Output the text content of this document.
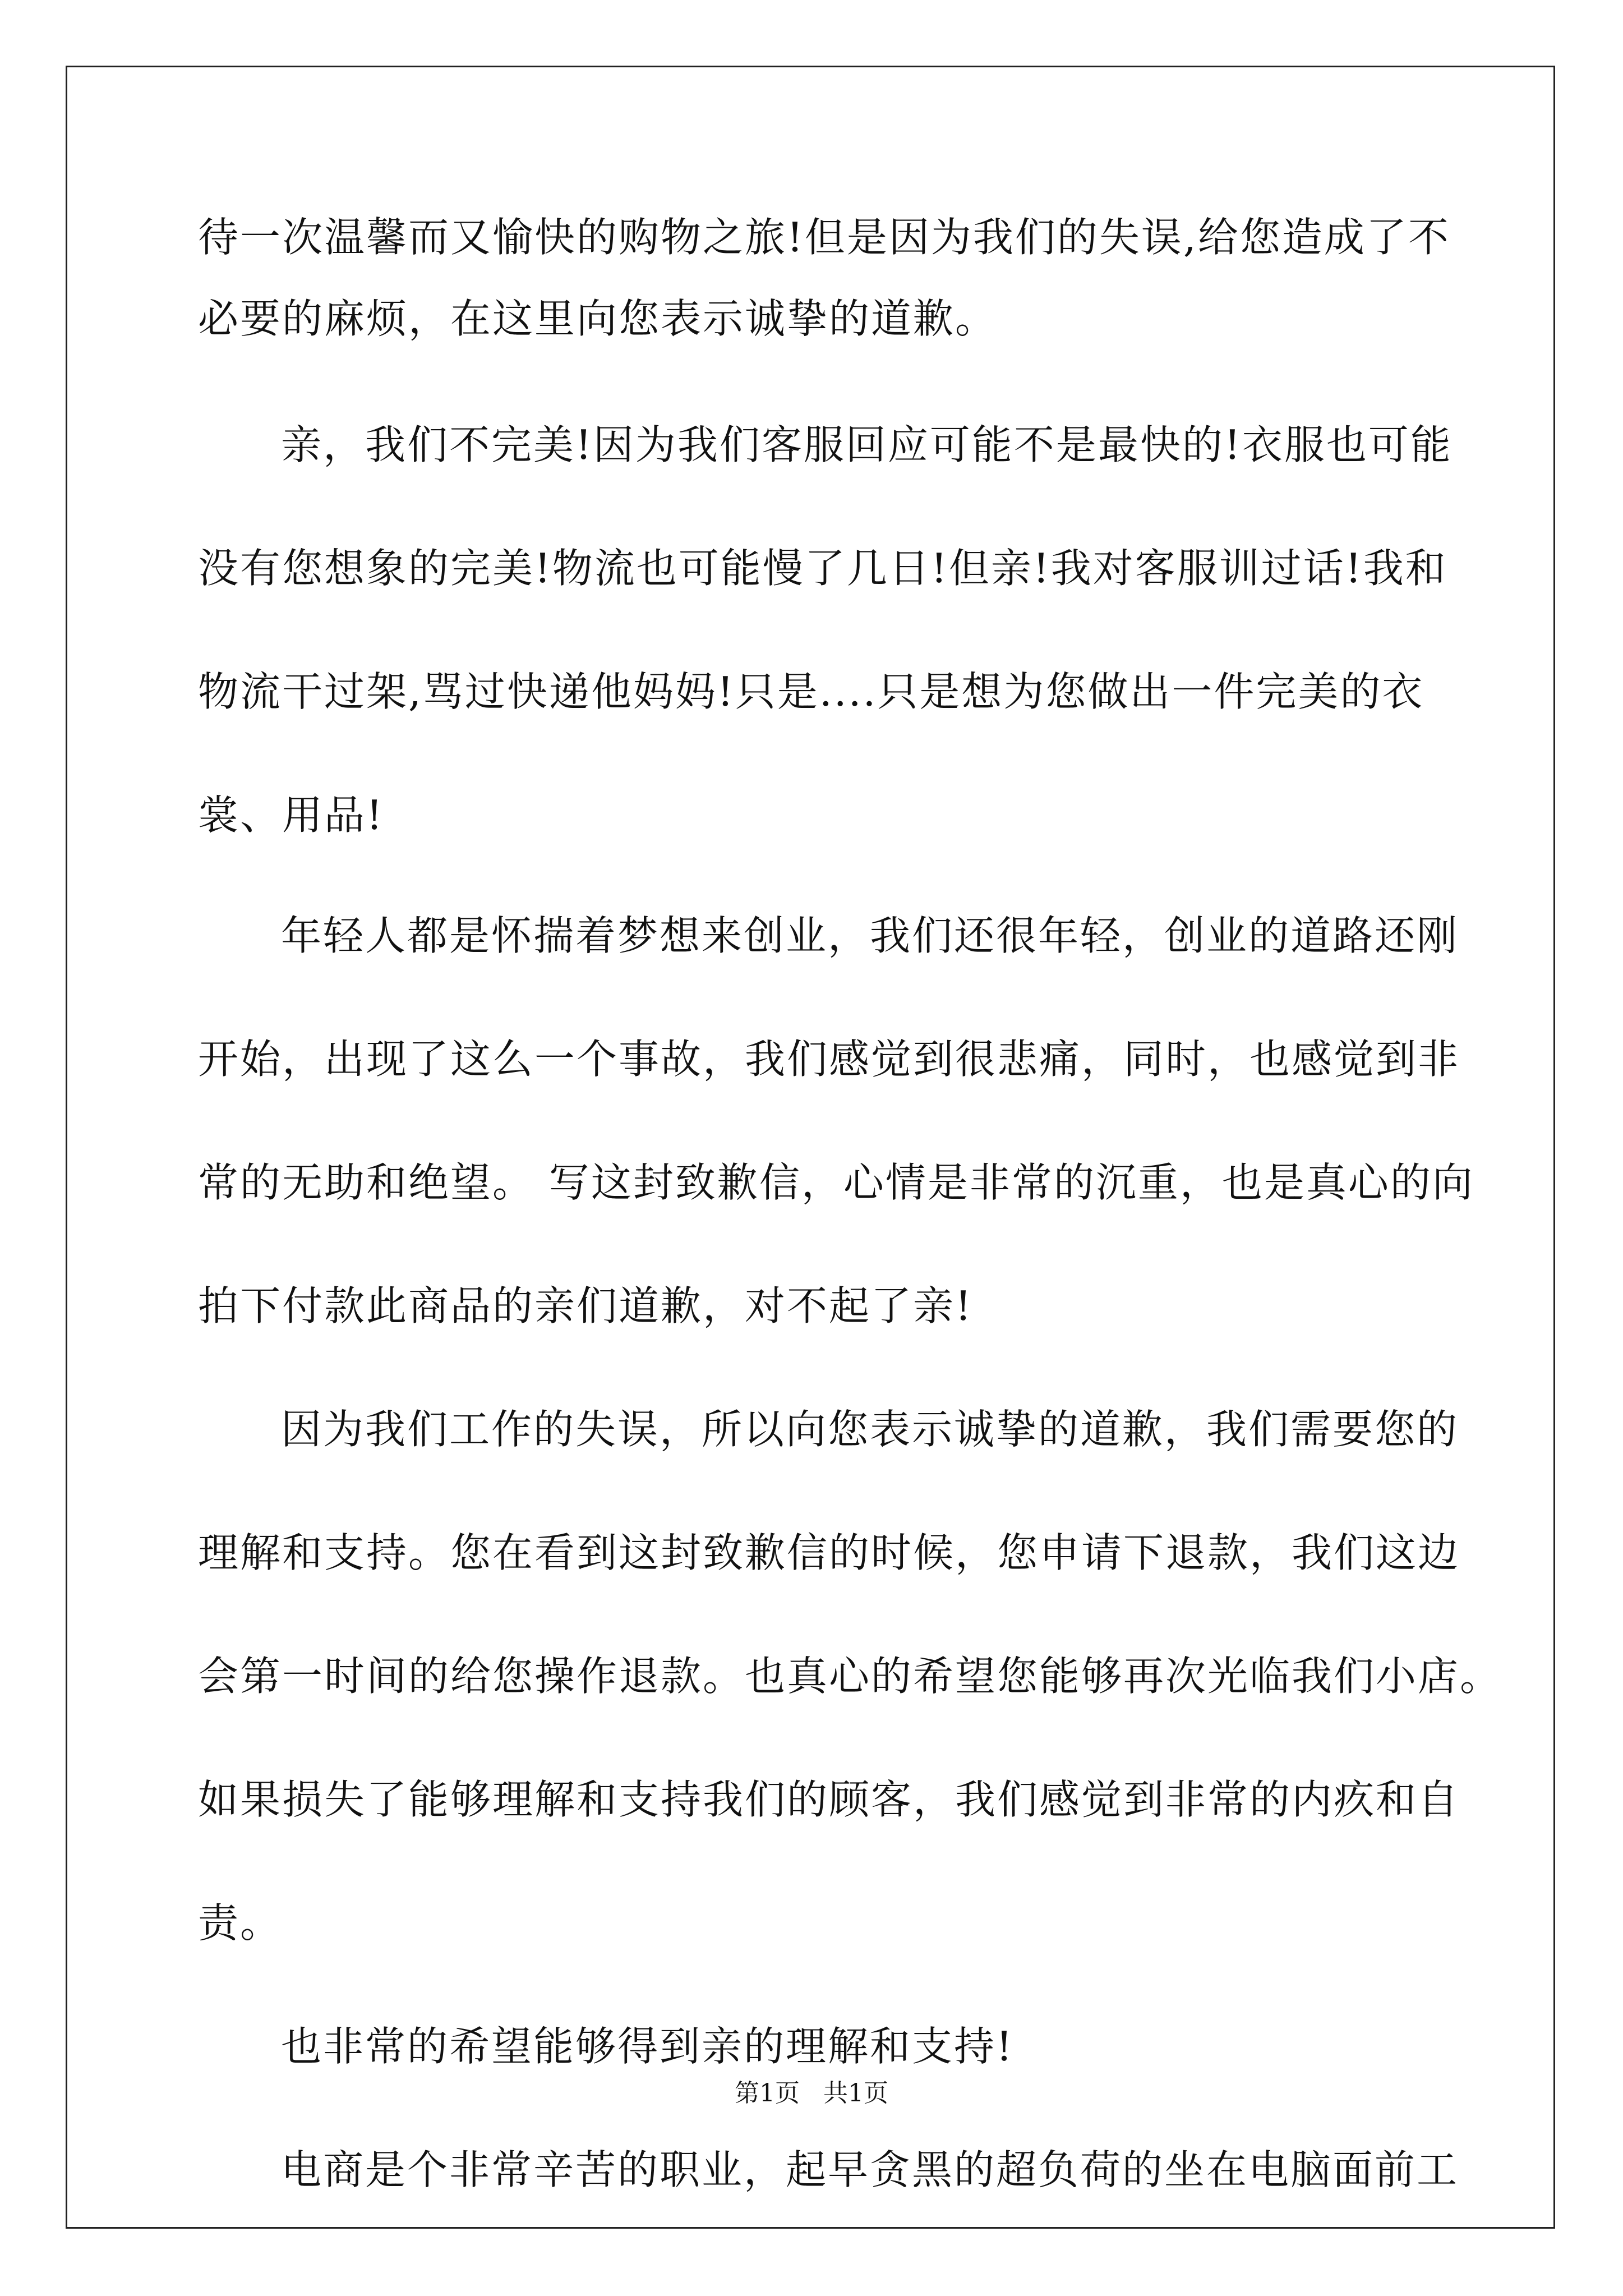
待一次温馨而又愉快的购物之旅!但是因为我们的失误,给您造成了不
必要的麻烦，在这里向您表示诚挚的道歉。
亲，我们不完美!因为我们客服回应可能不是最快的!衣服也可能
没有您想象的完美!物流也可能慢了几日!但亲!我对客服训过话!我和
物流干过架,骂过快递他妈妈!只是....只是想为您做出一件完美的衣
裳、用品!
年轻人都是怀揣着梦想来创业，我们还很年轻，创业的道路还刚
开始，出现了这么一个事故，我们感觉到很悲痛，同时，也感觉到非
常的无助和绝望。 写这封致歉信，心情是非常的沉重，也是真心的向
拍下付款此商品的亲们道歉，对不起了亲!
因为我们工作的失误，所以向您表示诚挚的道歉，我们需要您的
理解和支持。您在看到这封致歉信的时候，您申请下退款，我们这边
会第一时间的给您操作退款。也真心的希望您能够再次光临我们小店。
如果损失了能够理解和支持我们的顾客，我们感觉到非常的内疚和自
责。
也非常的希望能够得到亲的理解和支持!
电商是个非常辛苦的职业，起早贪黑的超负荷的坐在电脑面前工
第1页 共1页
